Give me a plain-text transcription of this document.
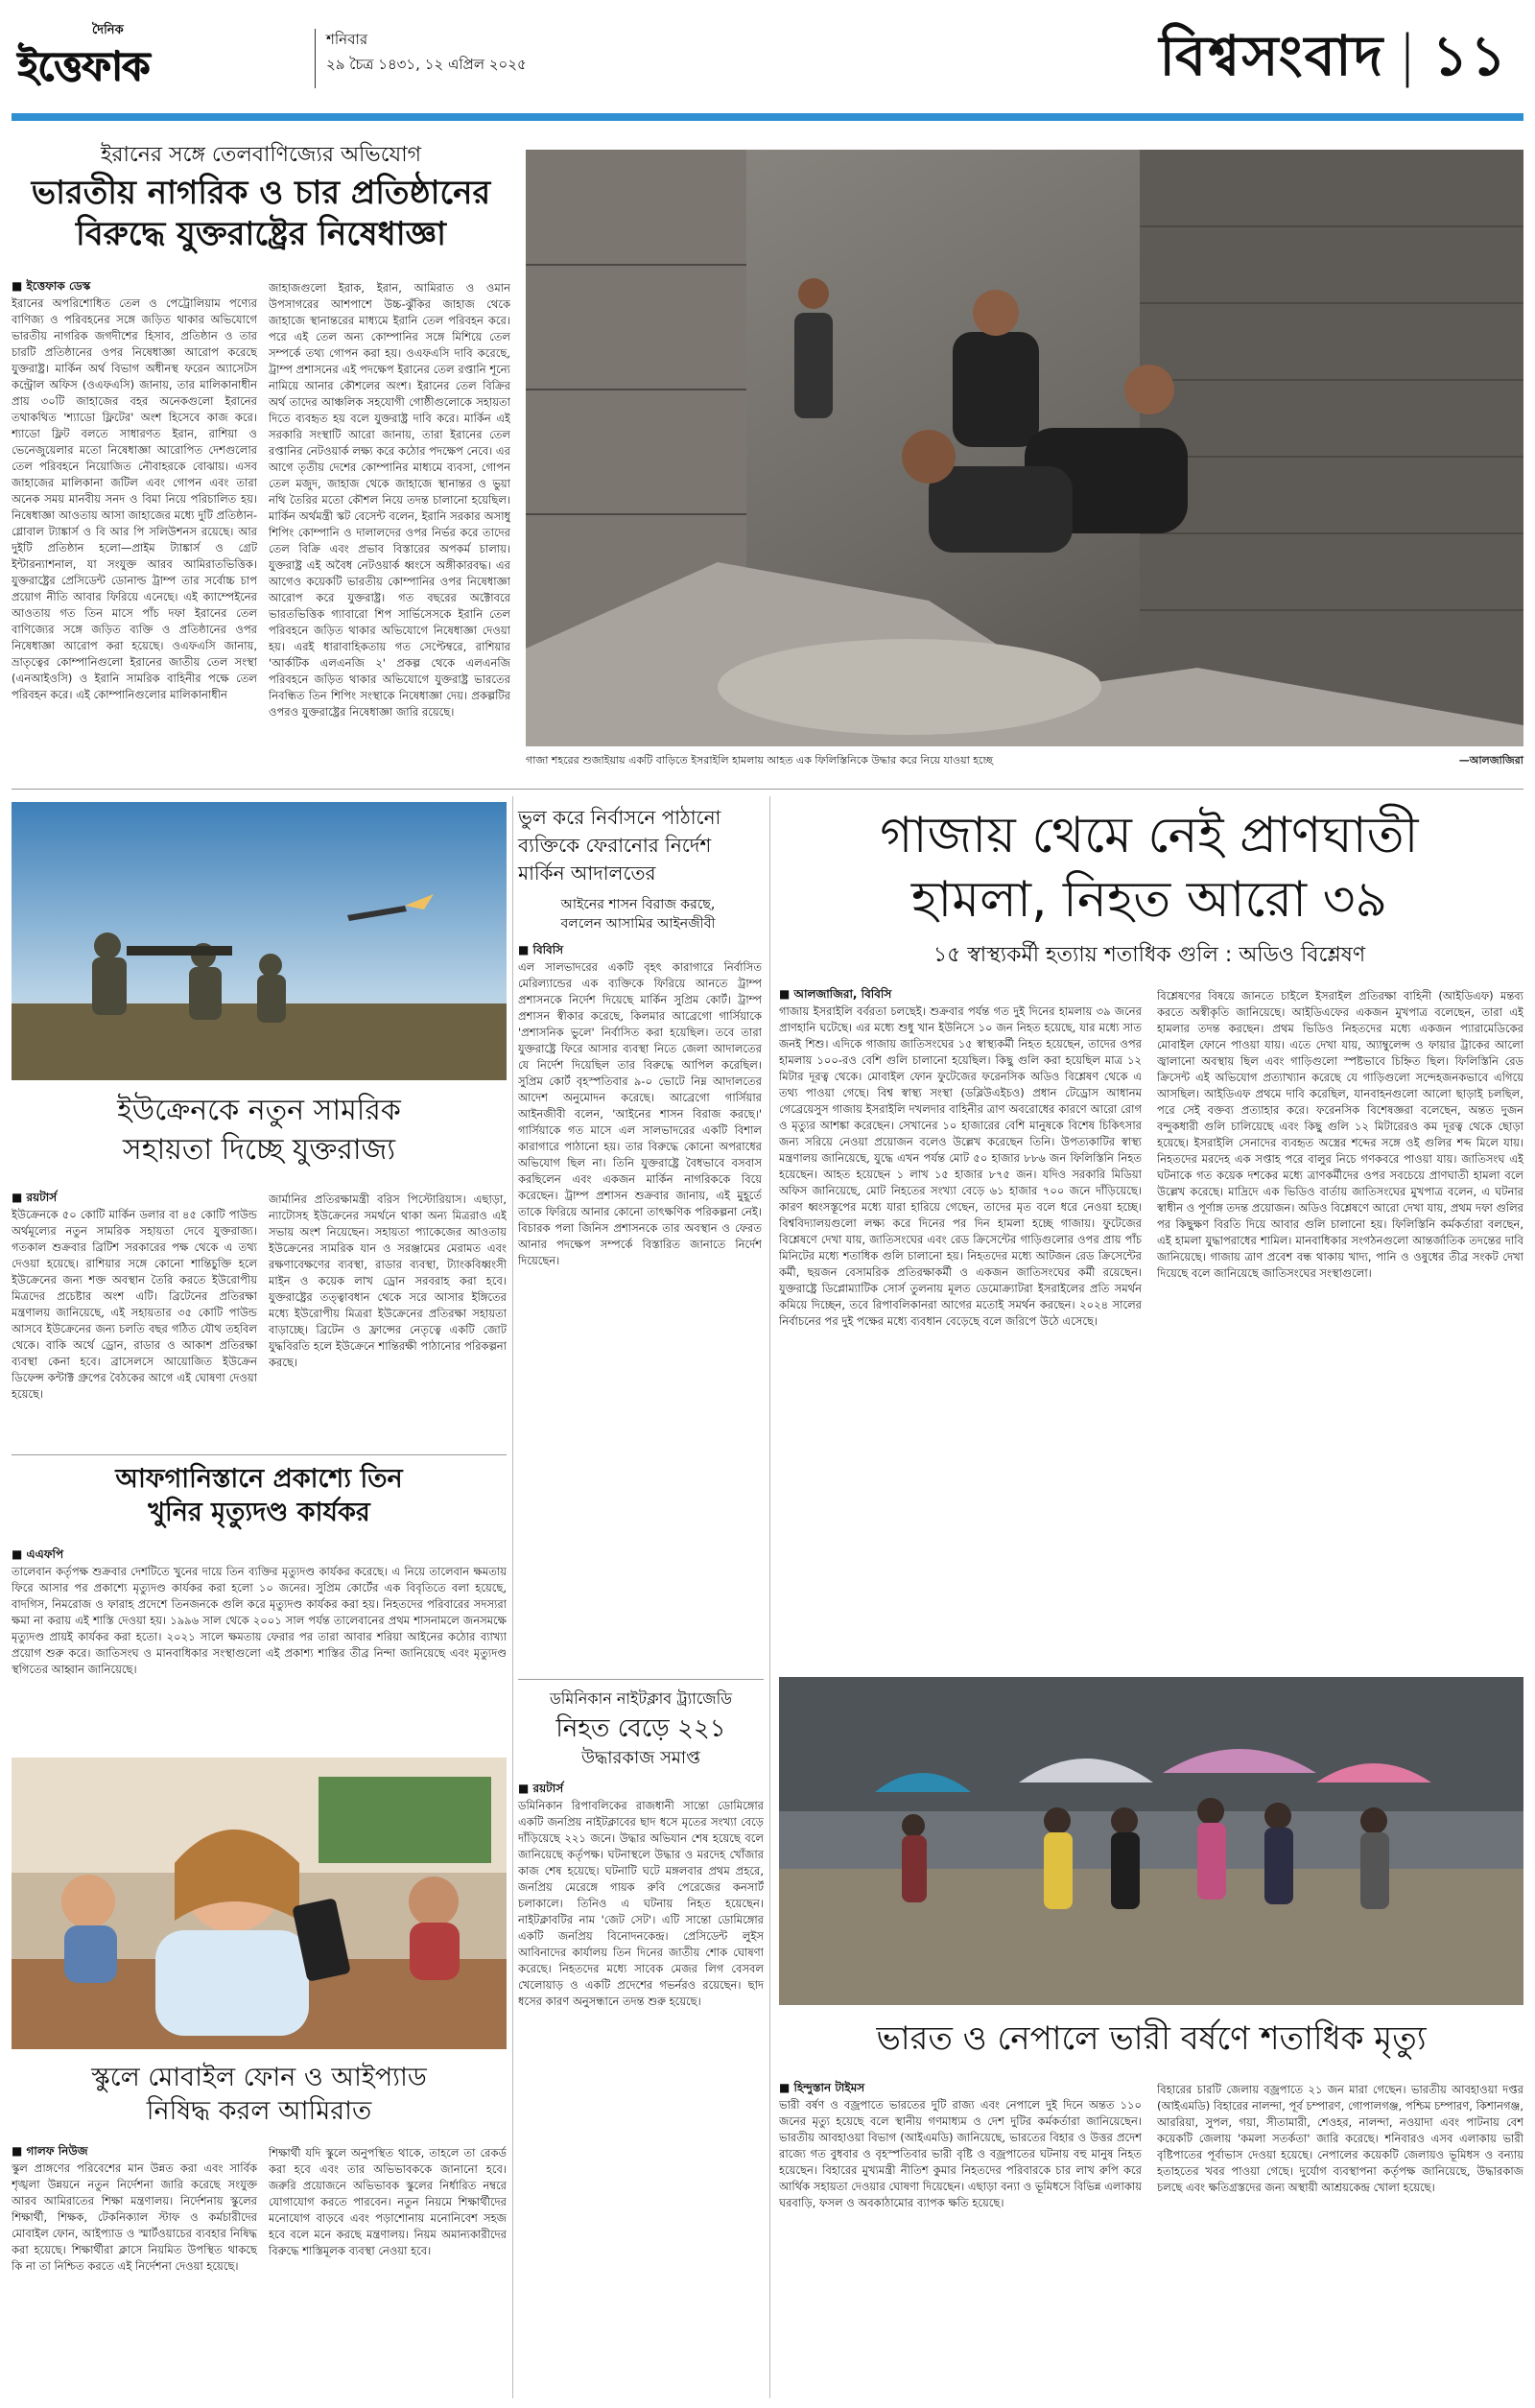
দৈনিক
ইত্তেফাক
শনিবার
২৯ চৈত্র ১৪৩১, ১২ এপ্রিল ২০২৫	বিশ্বসংবাদ | ১১
ইরানের সঙ্গে তেলবাণিজ্যের অভিযোগ
ভারতীয় নাগরিক ও চার প্রতিষ্ঠানের
বিরুদ্ধে যুক্তরাষ্ট্রের নিষেধাজ্ঞা
■ ইত্তেফাক ডেস্ক
ইরানের অপরিশোধিত তেল ও পেট্রোলিয়াম পণ্যের বাণিজ্য ও পরিবহনের সঙ্গে জড়িত থাকার অভিযোগে ভারতীয় নাগরিক জগদীশের হিসাব, প্রতিষ্ঠান ও তার চারটি প্রতিষ্ঠানের ওপর নিষেধাজ্ঞা আরোপ করেছে যুক্তরাষ্ট্র। মার্কিন অর্থ বিভাগ অধীনস্থ ফরেন অ্যাসেটস কন্ট্রোল অফিস (ওএফএসি) জানায়, তার মালিকানাধীন প্রায় ৩০টি জাহাজের বহর অনেকগুলো ইরানের তথাকথিত 'শ্যাডো ফ্লিটের' অংশ হিসেবে কাজ করে। শ্যাডো ফ্লিট বলতে সাধারণত ইরান, রাশিয়া ও ভেনেজুয়েলার মতো নিষেধাজ্ঞা আরোপিত দেশগুলোর তেল পরিবহনে নিয়োজিত নৌবাহরকে বোঝায়। এসব জাহাজের মালিকানা জটিল এবং গোপন এবং তারা অনেক সময় মানবীয় সনদ ও বিমা নিয়ে পরিচালিত হয়। নিষেধাজ্ঞা আওতায় আসা জাহাজের মধ্যে দুটি প্রতিষ্ঠান-গ্লোবাল ট্যাঙ্কার্স ও বি আর পি সলিউশনস রয়েছে। আর দুইটি প্রতিষ্ঠান হলো—প্রাইম ট্যাঙ্কার্স ও গ্রেট ইন্টারন্যাশনাল, যা সংযুক্ত আরব আমিরাতভিত্তিক। যুক্তরাষ্ট্রের প্রেসিডেন্ট ডোনাল্ড ট্রাম্প তার সর্বোচ্চ চাপ প্রয়োগ নীতি আবার ফিরিয়ে এনেছে। এই ক্যাম্পেইনের আওতায় গত তিন মাসে পাঁচ দফা ইরানের তেল বাণিজ্যের সঙ্গে জড়িত ব্যক্তি ও প্রতিষ্ঠানের ওপর নিষেধাজ্ঞা আরোপ করা হয়েছে। ওএফএসি জানায়, ভ্রাতৃত্বের কোম্পানিগুলো ইরানের জাতীয় তেল সংস্থা (এনআইওসি) ও ইরানি সামরিক বাহিনীর পক্ষে তেল পরিবহন করে। এই কোম্পানিগুলোর মালিকানাধীন
জাহাজগুলো ইরাক, ইরান, আমিরাত ও ওমান উপসাগরের আশপাশে উচ্চ-ঝুঁকির জাহাজ থেকে জাহাজে স্থানান্তরের মাধ্যমে ইরানি তেল পরিবহন করে। পরে এই তেল অন্য কোম্পানির সঙ্গে মিশিয়ে তেল সম্পর্কে তথ্য গোপন করা হয়। ওএফএসি দাবি করেছে, ট্রাম্প প্রশাসনের এই পদক্ষেপ ইরানের তেল রপ্তানি শূন্যে নামিয়ে আনার কৌশলের অংশ। ইরানের তেল বিক্রির অর্থ তাদের আঞ্চলিক সহযোগী গোষ্ঠীগুলোকে সহায়তা দিতে ব্যবহৃত হয় বলে যুক্তরাষ্ট্র দাবি করে। মার্কিন এই সরকারি সংস্থাটি আরো জানায়, তারা ইরানের তেল রপ্তানির নেটওয়ার্ক লক্ষ্য করে কঠোর পদক্ষেপ নেবে। এর আগে তৃতীয় দেশের কোম্পানির মাধ্যমে ব্যবসা, গোপন তেল মজুদ, জাহাজ থেকে জাহাজে স্থানান্তর ও ভুয়া নথি তৈরির মতো কৌশল নিয়ে তদন্ত চালানো হয়েছিল। মার্কিন অর্থমন্ত্রী স্কট বেসেন্ট বলেন, ইরানি সরকার অসাধু শিপিং কোম্পানি ও দালালদের ওপর নির্ভর করে তাদের তেল বিক্রি এবং প্রভাব বিস্তারের অপকর্ম চালায়। যুক্তরাষ্ট্র এই অবৈধ নেটওয়ার্ক ধ্বংসে অঙ্গীকারবদ্ধ। এর আগেও কয়েকটি ভারতীয় কোম্পানির ওপর নিষেধাজ্ঞা আরোপ করে যুক্তরাষ্ট্র। গত বছরের অক্টোবরে ভারতভিত্তিক গ্যাবারো শিপ সার্ভিসেসকে ইরানি তেল পরিবহনে জড়িত থাকার অভিযোগে নিষেধাজ্ঞা দেওয়া হয়। এরই ধারাবাহিকতায় গত সেপ্টেম্বরে, রাশিয়ার 'আর্কটিক এলএনজি ২' প্রকল্প থেকে এলএনজি পরিবহনে জড়িত থাকার অভিযোগে যুক্তরাষ্ট্র ভারতের নিবন্ধিত তিন শিপিং সংস্থাকে নিষেধাজ্ঞা দেয়। প্রকল্পটির ওপরও যুক্তরাষ্ট্রের নিষেধাজ্ঞা জারি রয়েছে।
গাজা শহরের শুজাইয়ায় একটি বাড়িতে ইসরাইলি হামলায় আহত এক ফিলিস্তিনিকে উদ্ধার করে নিয়ে যাওয়া হচ্ছে	—আলজাজিরা
ভুল করে নির্বাসনে পাঠানো
ব্যক্তিকে ফেরানোর নির্দেশ
মার্কিন আদালতের
আইনের শাসন বিরাজ করছে,
বললেন আসামির আইনজীবী
■ বিবিসি
এল সালভাদরের একটি বৃহৎ কারাগারে নির্বাসিত মেরিল্যান্ডের এক ব্যক্তিকে ফিরিয়ে আনতে ট্রাম্প প্রশাসনকে নির্দেশ দিয়েছে মার্কিন সুপ্রিম কোর্ট। ট্রাম্প প্রশাসন স্বীকার করেছে, কিলমার আব্রেগো গার্সিয়াকে 'প্রশাসনিক ভুলে' নির্বাসিত করা হয়েছিল। তবে তারা যুক্তরাষ্ট্রে ফিরে আসার ব্যবস্থা নিতে জেলা আদালতের যে নির্দেশ দিয়েছিল তার বিরুদ্ধে আপিল করেছিল। সুপ্রিম কোর্ট বৃহস্পতিবার ৯-০ ভোটে নিম্ন আদালতের আদেশ অনুমোদন করেছে। আব্রেগো গার্সিয়ার আইনজীবী বলেন, 'আইনের শাসন বিরাজ করছে।' গার্সিয়াকে গত মাসে এল সালভাদরের একটি বিশাল কারাগারে পাঠানো হয়। তার বিরুদ্ধে কোনো অপরাধের অভিযোগ ছিল না। তিনি যুক্তরাষ্ট্রে বৈধভাবে বসবাস করছিলেন এবং একজন মার্কিন নাগরিককে বিয়ে করেছেন। ট্রাম্প প্রশাসন শুক্রবার জানায়, এই মুহূর্তে তাকে ফিরিয়ে আনার কোনো তাৎক্ষণিক পরিকল্পনা নেই। বিচারক পলা জিনিস প্রশাসনকে তার অবস্থান ও ফেরত আনার পদক্ষেপ সম্পর্কে বিস্তারিত জানাতে নির্দেশ দিয়েছেন।
গাজায় থেমে নেই প্রাণঘাতী
হামলা, নিহত আরো ৩৯
১৫ স্বাস্থ্যকর্মী হত্যায় শতাধিক গুলি : অডিও বিশ্লেষণ
■ আলজাজিরা, বিবিসি
গাজায় ইসরাইলি বর্বরতা চলছেই। শুক্রবার পর্যন্ত গত দুই দিনের হামলায় ৩৯ জনের প্রাণহানি ঘটেছে। এর মধ্যে শুধু খান ইউনিসে ১০ জন নিহত হয়েছে, যার মধ্যে সাত জনই শিশু। এদিকে গাজায় জাতিসংঘের ১৫ স্বাস্থ্যকর্মী নিহত হয়েছেন, তাদের ওপর হামলায় ১০০-রও বেশি গুলি চালানো হয়েছিল। কিছু গুলি করা হয়েছিল মাত্র ১২ মিটার দূরত্ব থেকে। মোবাইল ফোন ফুটেজের ফরেনসিক অডিও বিশ্লেষণ থেকে এ তথ্য পাওয়া গেছে। বিশ্ব স্বাস্থ্য সংস্থা (ডব্লিউএইচও) প্রধান টেড্রোস আধানম গেব্রেয়েসুস গাজায় ইসরাইলি দখলদার বাহিনীর ত্রাণ অবরোধের কারণে আরো রোগ ও মৃত্যুর আশঙ্কা করেছেন। সেখানের ১০ হাজারের বেশি মানুষকে বিশেষ চিকিৎসার জন্য সরিয়ে নেওয়া প্রয়োজন বলেও উল্লেখ করেছেন তিনি। উপত্যকাটির স্বাস্থ্য মন্ত্রণালয় জানিয়েছে, যুদ্ধে এখন পর্যন্ত মোট ৫০ হাজার ৮৮৬ জন ফিলিস্তিনি নিহত হয়েছেন। আহত হয়েছেন ১ লাখ ১৫ হাজার ৮৭৫ জন। যদিও সরকারি মিডিয়া অফিস জানিয়েছে, মোট নিহতের সংখ্যা বেড়ে ৬১ হাজার ৭০০ জনে দাঁড়িয়েছে। কারণ ধ্বংসস্তূপের মধ্যে যারা হারিয়ে গেছেন, তাদের মৃত বলে ধরে নেওয়া হচ্ছে। বিশ্ববিদ্যালয়গুলো লক্ষ্য করে দিনের পর দিন হামলা হচ্ছে গাজায়। ফুটেজের বিশ্লেষণে দেখা যায়, জাতিসংঘের এবং রেড ক্রিসেন্টের গাড়িগুলোর ওপর প্রায় পাঁচ মিনিটের মধ্যে শতাধিক গুলি চালানো হয়। নিহতদের মধ্যে আটজন রেড ক্রিসেন্টের কর্মী, ছয়জন বেসামরিক প্রতিরক্ষাকর্মী ও একজন জাতিসংঘের কর্মী রয়েছেন। যুক্তরাষ্ট্রে ডিপ্লোম্যাটিক সোর্স তুলনায় মূলত ডেমোক্র্যাটরা ইসরাইলের প্রতি সমর্থন কমিয়ে দিচ্ছেন, তবে রিপাবলিকানরা আগের মতোই সমর্থন করছেন। ২০২৪ সালের নির্বাচনের পর দুই পক্ষের মধ্যে ব্যবধান বেড়েছে বলে জরিপে উঠে এসেছে।
বিশ্লেষণের বিষয়ে জানতে চাইলে ইসরাইল প্রতিরক্ষা বাহিনী (আইডিএফ) মন্তব্য করতে অস্বীকৃতি জানিয়েছে। আইডিএফের একজন মুখপাত্র বলেছেন, তারা এই হামলার তদন্ত করছেন। প্রথম ভিডিও নিহতদের মধ্যে একজন প্যারামেডিকের মোবাইল ফোনে পাওয়া যায়। এতে দেখা যায়, অ্যাম্বুলেন্স ও ফায়ার ট্রাকের আলো জ্বালানো অবস্থায় ছিল এবং গাড়িগুলো স্পষ্টভাবে চিহ্নিত ছিল। ফিলিস্তিনি রেড ক্রিসেন্ট এই অভিযোগ প্রত্যাখ্যান করেছে যে গাড়িগুলো সন্দেহজনকভাবে এগিয়ে আসছিল। আইডিএফ প্রথমে দাবি করেছিল, যানবাহনগুলো আলো ছাড়াই চলছিল, পরে সেই বক্তব্য প্রত্যাহার করে। ফরেনসিক বিশেষজ্ঞরা বলেছেন, অন্তত দুজন বন্দুকধারী গুলি চালিয়েছে এবং কিছু গুলি ১২ মিটারেরও কম দূরত্ব থেকে ছোড়া হয়েছে। ইসরাইলি সেনাদের ব্যবহৃত অস্ত্রের শব্দের সঙ্গে ওই গুলির শব্দ মিলে যায়। নিহতদের মরদেহ এক সপ্তাহ পরে বালুর নিচে গণকবরে পাওয়া যায়। জাতিসংঘ এই ঘটনাকে গত কয়েক দশকের মধ্যে ত্রাণকর্মীদের ওপর সবচেয়ে প্রাণঘাতী হামলা বলে উল্লেখ করেছে। মাদ্রিদে এক ভিডিও বার্তায় জাতিসংঘের মুখপাত্র বলেন, এ ঘটনার স্বাধীন ও পূর্ণাঙ্গ তদন্ত প্রয়োজন। অডিও বিশ্লেষণে আরো দেখা যায়, প্রথম দফা গুলির পর কিছুক্ষণ বিরতি দিয়ে আবার গুলি চালানো হয়। ফিলিস্তিনি কর্মকর্তারা বলছেন, এই হামলা যুদ্ধাপরাধের শামিল। মানবাধিকার সংগঠনগুলো আন্তর্জাতিক তদন্তের দাবি জানিয়েছে। গাজায় ত্রাণ প্রবেশ বন্ধ থাকায় খাদ্য, পানি ও ওষুধের তীব্র সংকট দেখা দিয়েছে বলে জানিয়েছে জাতিসংঘের সংস্থাগুলো।
ইউক্রেনকে নতুন সামরিক
সহায়তা দিচ্ছে যুক্তরাজ্য
■ রয়টার্স
ইউক্রেনকে ৫০ কোটি মার্কিন ডলার বা ৪৫ কোটি পাউন্ড অর্থমূল্যের নতুন সামরিক সহায়তা দেবে যুক্তরাজ্য। গতকাল শুক্রবার ব্রিটিশ সরকারের পক্ষ থেকে এ তথ্য দেওয়া হয়েছে। রাশিয়ার সঙ্গে কোনো শান্তিচুক্তি হলে ইউক্রেনের জন্য শক্ত অবস্থান তৈরি করতে ইউরোপীয় মিত্রদের প্রচেষ্টার অংশ এটি। ব্রিটেনের প্রতিরক্ষা মন্ত্রণালয় জানিয়েছে, এই সহায়তার ৩৫ কোটি পাউন্ড আসবে ইউক্রেনের জন্য চলতি বছর গঠিত যৌথ তহবিল থেকে। বাকি অর্থে ড্রোন, রাডার ও আকাশ প্রতিরক্ষা ব্যবস্থা কেনা হবে। ব্রাসেলসে আয়োজিত ইউক্রেন ডিফেন্স কন্টাক্ট গ্রুপের বৈঠকের আগে এই ঘোষণা দেওয়া হয়েছে।
জার্মানির প্রতিরক্ষামন্ত্রী বরিস পিস্টোরিয়াস। এছাড়া, ন্যাটোসহ ইউক্রেনের সমর্থনে থাকা অন্য মিত্ররাও এই সভায় অংশ নিয়েছেন। সহায়তা প্যাকেজের আওতায় ইউক্রেনের সামরিক যান ও সরঞ্জামের মেরামত এবং রক্ষণাবেক্ষণের ব্যবস্থা, রাডার ব্যবস্থা, ট্যাংকবিধ্বংসী মাইন ও কয়েক লাখ ড্রোন সরবরাহ করা হবে। যুক্তরাষ্ট্রের তত্ত্বাবধান থেকে সরে আসার ইঙ্গিতের মধ্যে ইউরোপীয় মিত্ররা ইউক্রেনের প্রতিরক্ষা সহায়তা বাড়াচ্ছে। ব্রিটেন ও ফ্রান্সের নেতৃত্বে একটি জোট যুদ্ধবিরতি হলে ইউক্রেনে শান্তিরক্ষী পাঠানোর পরিকল্পনা করছে।
আফগানিস্তানে প্রকাশ্যে তিন
খুনির মৃত্যুদণ্ড কার্যকর
■ এএফপি
তালেবান কর্তৃপক্ষ শুক্রবার দেশটিতে খুনের দায়ে তিন ব্যক্তির মৃত্যুদণ্ড কার্যকর করেছে। এ নিয়ে তালেবান ক্ষমতায় ফিরে আসার পর প্রকাশ্যে মৃত্যুদণ্ড কার্যকর করা হলো ১০ জনের। সুপ্রিম কোর্টের এক বিবৃতিতে বলা হয়েছে, বাদগিস, নিমরোজ ও ফারাহ প্রদেশে তিনজনকে গুলি করে মৃত্যুদণ্ড কার্যকর করা হয়। নিহতদের পরিবারের সদস্যরা ক্ষমা না করায় এই শাস্তি দেওয়া হয়। ১৯৯৬ সাল থেকে ২০০১ সাল পর্যন্ত তালেবানের প্রথম শাসনামলে জনসমক্ষে মৃত্যুদণ্ড প্রায়ই কার্যকর করা হতো। ২০২১ সালে ক্ষমতায় ফেরার পর তারা আবার শরিয়া আইনের কঠোর ব্যাখ্যা প্রয়োগ শুরু করে। জাতিসংঘ ও মানবাধিকার সংস্থাগুলো এই প্রকাশ্য শাস্তির তীব্র নিন্দা জানিয়েছে এবং মৃত্যুদণ্ড স্থগিতের আহ্বান জানিয়েছে।
স্কুলে মোবাইল ফোন ও আইপ্যাড
নিষিদ্ধ করল আমিরাত
■ গালফ নিউজ
স্কুল প্রাঙ্গণের পরিবেশের মান উন্নত করা এবং সার্বিক শৃঙ্খলা উন্নয়নে নতুন নির্দেশনা জারি করেছে সংযুক্ত আরব আমিরাতের শিক্ষা মন্ত্রণালয়। নির্দেশনায় স্কুলের শিক্ষার্থী, শিক্ষক, টেকনিক্যাল স্টাফ ও কর্মচারীদের মোবাইল ফোন, আইপ্যাড ও স্মার্টওয়াচের ব্যবহার নিষিদ্ধ করা হয়েছে। শিক্ষার্থীরা ক্লাসে নিয়মিত উপস্থিত থাকছে কি না তা নিশ্চিত করতে এই নির্দেশনা দেওয়া হয়েছে।
শিক্ষার্থী যদি স্কুলে অনুপস্থিত থাকে, তাহলে তা রেকর্ড করা হবে এবং তার অভিভাবককে জানানো হবে। জরুরি প্রয়োজনে অভিভাবক স্কুলের নির্ধারিত নম্বরে যোগাযোগ করতে পারবেন। নতুন নিয়মে শিক্ষার্থীদের মনোযোগ বাড়বে এবং পড়াশোনায় মনোনিবেশ সহজ হবে বলে মনে করছে মন্ত্রণালয়। নিয়ম অমান্যকারীদের বিরুদ্ধে শাস্তিমূলক ব্যবস্থা নেওয়া হবে।
ডমিনিকান নাইটক্লাব ট্র্যাজেডি
নিহত বেড়ে ২২১
উদ্ধারকাজ সমাপ্ত
■ রয়টার্স
ডমিনিকান রিপাবলিকের রাজধানী সান্তো ডোমিঙ্গোর একটি জনপ্রিয় নাইটক্লাবের ছাদ ধসে মৃতের সংখ্যা বেড়ে দাঁড়িয়েছে ২২১ জনে। উদ্ধার অভিযান শেষ হয়েছে বলে জানিয়েছে কর্তৃপক্ষ। ঘটনাস্থলে উদ্ধার ও মরদেহ খোঁজার কাজ শেষ হয়েছে। ঘটনাটি ঘটে মঙ্গলবার প্রথম প্রহরে, জনপ্রিয় মেরেঙ্গে গায়ক রুবি পেরেজের কনসার্ট চলাকালে। তিনিও এ ঘটনায় নিহত হয়েছেন। নাইটক্লাবটির নাম 'জেট সেট'। এটি সান্তো ডোমিঙ্গোর একটি জনপ্রিয় বিনোদনকেন্দ্র। প্রেসিডেন্ট লুইস আবিনাদের কার্যালয় তিন দিনের জাতীয় শোক ঘোষণা করেছে। নিহতদের মধ্যে সাবেক মেজর লিগ বেসবল খেলোয়াড় ও একটি প্রদেশের গভর্নরও রয়েছেন। ছাদ ধসের কারণ অনুসন্ধানে তদন্ত শুরু হয়েছে।
ভারত ও নেপালে ভারী বর্ষণে শতাধিক মৃত্যু
■ হিন্দুস্তান টাইমস
ভারী বর্ষণ ও বজ্রপাতে ভারতের দুটি রাজ্য এবং নেপালে দুই দিনে অন্তত ১১০ জনের মৃত্যু হয়েছে বলে স্থানীয় গণমাধ্যম ও দেশ দুটির কর্মকর্তারা জানিয়েছেন। ভারতীয় আবহাওয়া বিভাগ (আইএমডি) জানিয়েছে, ভারতের বিহার ও উত্তর প্রদেশ রাজ্যে গত বুধবার ও বৃহস্পতিবার ভারী বৃষ্টি ও বজ্রপাতের ঘটনায় বহু মানুষ নিহত হয়েছেন। বিহারের মুখ্যমন্ত্রী নীতিশ কুমার নিহতদের পরিবারকে চার লাখ রুপি করে আর্থিক সহায়তা দেওয়ার ঘোষণা দিয়েছেন। এছাড়া বন্যা ও ভূমিধসে বিভিন্ন এলাকায় ঘরবাড়ি, ফসল ও অবকাঠামোর ব্যাপক ক্ষতি হয়েছে।
বিহারের চারটি জেলায় বজ্রপাতে ২১ জন মারা গেছেন। ভারতীয় আবহাওয়া দপ্তর (আইএমডি) বিহারের নালন্দা, পূর্ব চম্পারণ, গোপালগঞ্জ, পশ্চিম চম্পারণ, কিশানগঞ্জ, আররিয়া, সুপল, গয়া, সীতামারী, শেওহর, নালন্দা, নওয়াদা এবং পাটনায় বেশ কয়েকটি জেলায় 'কমলা সতর্কতা' জারি করেছে। শনিবারও এসব এলাকায় ভারী বৃষ্টিপাতের পূর্বাভাস দেওয়া হয়েছে। নেপালের কয়েকটি জেলায়ও ভূমিধস ও বন্যায় হতাহতের খবর পাওয়া গেছে। দুর্যোগ ব্যবস্থাপনা কর্তৃপক্ষ জানিয়েছে, উদ্ধারকাজ চলছে এবং ক্ষতিগ্রস্তদের জন্য অস্থায়ী আশ্রয়কেন্দ্র খোলা হয়েছে।
